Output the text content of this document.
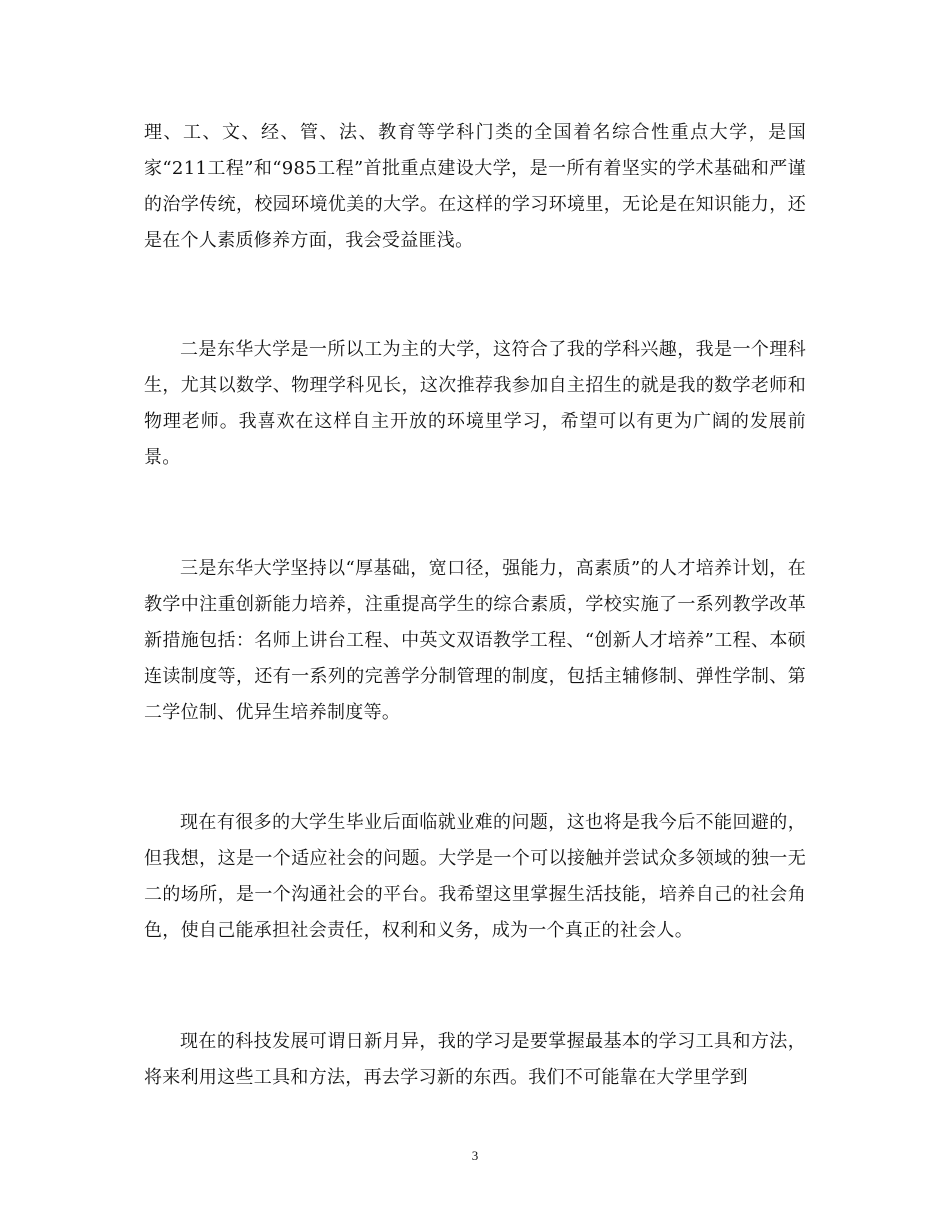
理、工、文、经、管、法、教育等学科门类的全国着名综合性重点大学，是国家“211工程”和“985工程”首批重点建设大学，是一所有着坚实的学术基础和严谨的治学传统，校园环境优美的大学。在这样的学习环境里，无论是在知识能力，还是在个人素质修养方面，我会受益匪浅。

二是东华大学是一所以工为主的大学，这符合了我的学科兴趣，我是一个理科生，尤其以数学、物理学科见长，这次推荐我参加自主招生的就是我的数学老师和物理老师。我喜欢在这样自主开放的环境里学习，希望可以有更为广阔的发展前景。

三是东华大学坚持以“厚基础，宽口径，强能力，高素质”的人才培养计划，在教学中注重创新能力培养，注重提高学生的综合素质，学校实施了一系列教学改革新措施包括：名师上讲台工程、中英文双语教学工程、“创新人才培养”工程、本硕连读制度等，还有一系列的完善学分制管理的制度，包括主辅修制、弹性学制、第二学位制、优异生培养制度等。

现在有很多的大学生毕业后面临就业难的问题，这也将是我今后不能回避的，但我想，这是一个适应社会的问题。大学是一个可以接触并尝试众多领域的独一无二的场所，是一个沟通社会的平台。我希望这里掌握生活技能，培养自己的社会角色，使自己能承担社会责任，权利和义务，成为一个真正的社会人。

现在的科技发展可谓日新月异，我的学习是要掌握最基本的学习工具和方法，将来利用这些工具和方法，再去学习新的东西。我们不可能靠在大学里学到

3
